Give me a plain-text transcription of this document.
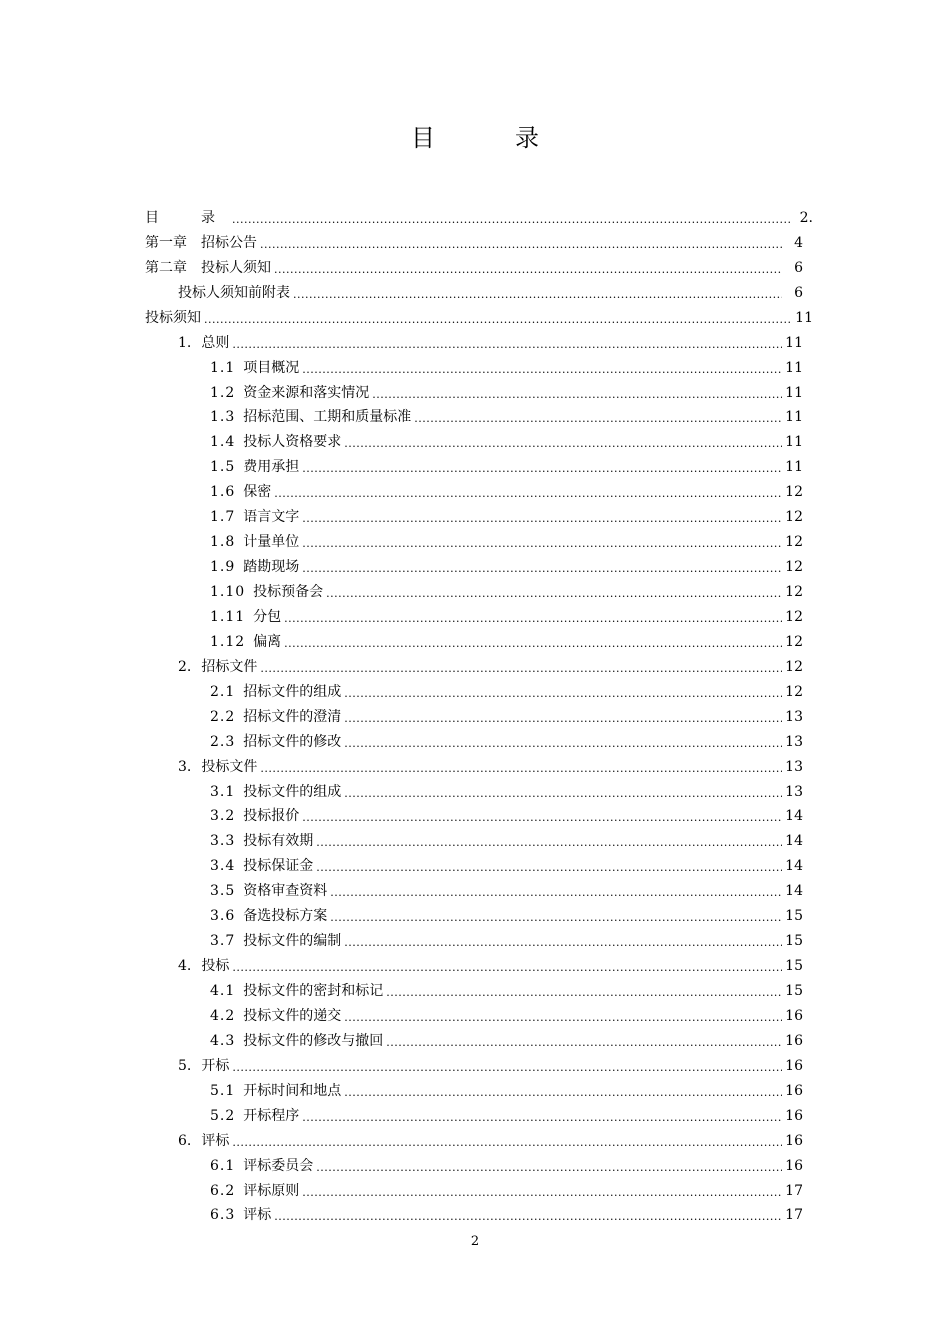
目　录
目　录 .....	2.
第一章　招标公告 .....	4
第二章　投标人须知 .....	6
投标人须知前附表 .....	6
投标须知 .....	11
1. 总则 .....	11
1.1 项目概况 .....	11
1.2 资金来源和落实情况 .....	11
1.3 招标范围、工期和质量标准 .....	11
1.4 投标人资格要求 .....	11
1.5 费用承担 .....	11
1.6 保密 .....	12
1.7 语言文字 .....	12
1.8 计量单位 .....	12
1.9 踏勘现场 .....	12
1.10 投标预备会 .....	12
1.11 分包 .....	12
1.12 偏离 .....	12
2. 招标文件 .....	12
2.1 招标文件的组成 .....	12
2.2 招标文件的澄清 .....	13
2.3 招标文件的修改 .....	13
3. 投标文件 .....	13
3.1 投标文件的组成 .....	13
3.2 投标报价 .....	14
3.3 投标有效期 .....	14
3.4 投标保证金 .....	14
3.5 资格审查资料 .....	14
3.6 备选投标方案 .....	15
3.7 投标文件的编制 .....	15
4. 投标 .....	15
4.1 投标文件的密封和标记 .....	15
4.2 投标文件的递交 .....	16
4.3 投标文件的修改与撤回 .....	16
5. 开标 .....	16
5.1 开标时间和地点 .....	16
5.2 开标程序 .....	16
6. 评标 .....	16
6.1 评标委员会 .....	16
6.2 评标原则 .....	17
6.3 评标 .....	17
2
